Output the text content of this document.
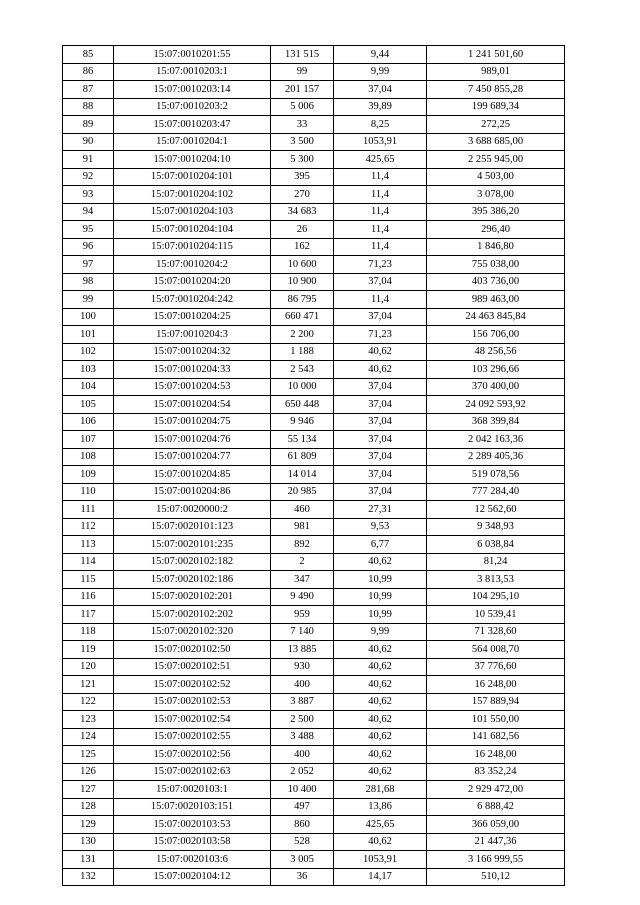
85	15:07:0010201:55	131 515	9,44	1 241 501,60
86	15:07:0010203:1	99	9,99	989,01
87	15:07:0010203:14	201 157	37,04	7 450 855,28
88	15:07:0010203:2	5 006	39,89	199 689,34
89	15:07:0010203:47	33	8,25	272,25
90	15:07:0010204:1	3 500	1053,91	3 688 685,00
91	15:07:0010204:10	5 300	425,65	2 255 945,00
92	15:07:0010204:101	395	11,4	4 503,00
93	15:07:0010204:102	270	11,4	3 078,00
94	15:07:0010204:103	34 683	11,4	395 386,20
95	15:07:0010204:104	26	11,4	296,40
96	15:07:0010204:115	162	11,4	1 846,80
97	15:07:0010204:2	10 600	71,23	755 038,00
98	15:07:0010204:20	10 900	37,04	403 736,00
99	15:07:0010204:242	86 795	11,4	989 463,00
100	15:07:0010204:25	660 471	37,04	24 463 845,84
101	15:07:0010204:3	2 200	71,23	156 706,00
102	15:07:0010204:32	1 188	40,62	48 256,56
103	15:07:0010204:33	2 543	40,62	103 296,66
104	15:07:0010204:53	10 000	37,04	370 400,00
105	15:07:0010204:54	650 448	37,04	24 092 593,92
106	15:07:0010204:75	9 946	37,04	368 399,84
107	15:07:0010204:76	55 134	37,04	2 042 163,36
108	15:07:0010204:77	61 809	37,04	2 289 405,36
109	15:07:0010204:85	14 014	37,04	519 078,56
110	15:07:0010204:86	20 985	37,04	777 284,40
111	15:07:0020000:2	460	27,31	12 562,60
112	15:07:0020101:123	981	9,53	9 348,93
113	15:07:0020101:235	892	6,77	6 038,84
114	15:07:0020102:182	2	40,62	81,24
115	15:07:0020102:186	347	10,99	3 813,53
116	15:07:0020102:201	9 490	10,99	104 295,10
117	15:07:0020102:202	959	10,99	10 539,41
118	15:07:0020102:320	7 140	9,99	71 328,60
119	15:07:0020102:50	13 885	40,62	564 008,70
120	15:07:0020102:51	930	40,62	37 776,60
121	15:07:0020102:52	400	40,62	16 248,00
122	15:07:0020102:53	3 887	40,62	157 889,94
123	15:07:0020102:54	2 500	40,62	101 550,00
124	15:07:0020102:55	3 488	40,62	141 682,56
125	15:07:0020102:56	400	40,62	16 248,00
126	15:07:0020102:63	2 052	40,62	83 352,24
127	15:07:0020103:1	10 400	281,68	2 929 472,00
128	15:07:0020103:151	497	13,86	6 888,42
129	15:07:0020103:53	860	425,65	366 059,00
130	15:07:0020103:58	528	40,62	21 447,36
131	15:07:0020103:6	3 005	1053,91	3 166 999,55
132	15:07:0020104:12	36	14,17	510,12
